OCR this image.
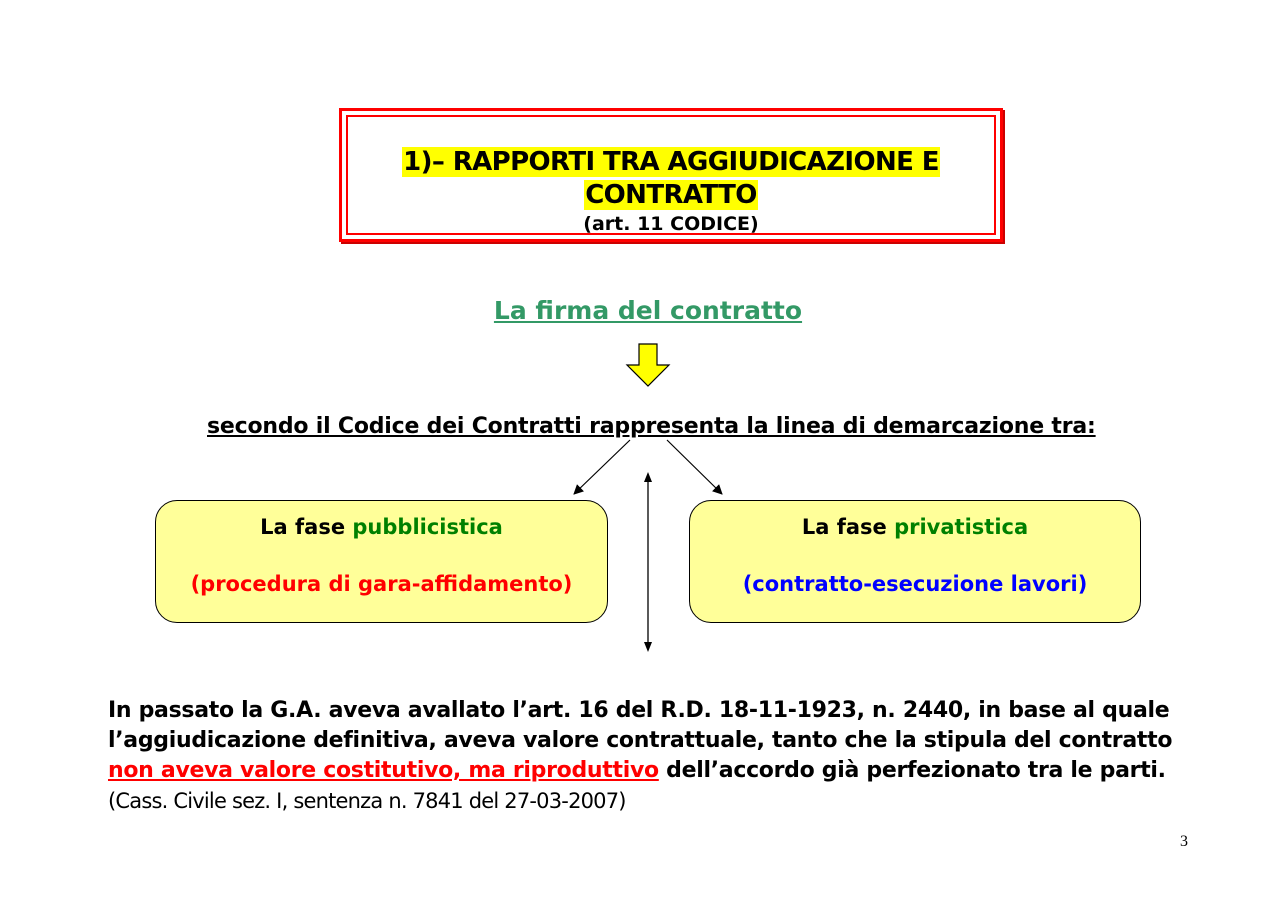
1)– RAPPORTI TRA AGGIUDICAZIONE E
CONTRATTO
(art. 11 CODICE)
La firma del contratto
secondo il Codice dei Contratti rappresenta la linea di demarcazione tra:
La fase pubblicistica
(procedura di gara-affidamento)
La fase privatistica
(contratto-esecuzione lavori)
In passato la G.A. aveva avallato l’art. 16 del R.D. 18-11-1923, n. 2440, in base al quale
l’aggiudicazione definitiva, aveva valore contrattuale, tanto che la stipula del contratto
non aveva valore costitutivo, ma riproduttivo dell’accordo già perfezionato tra le parti.
(Cass. Civile sez. I, sentenza n. 7841 del 27-03-2007)
3
